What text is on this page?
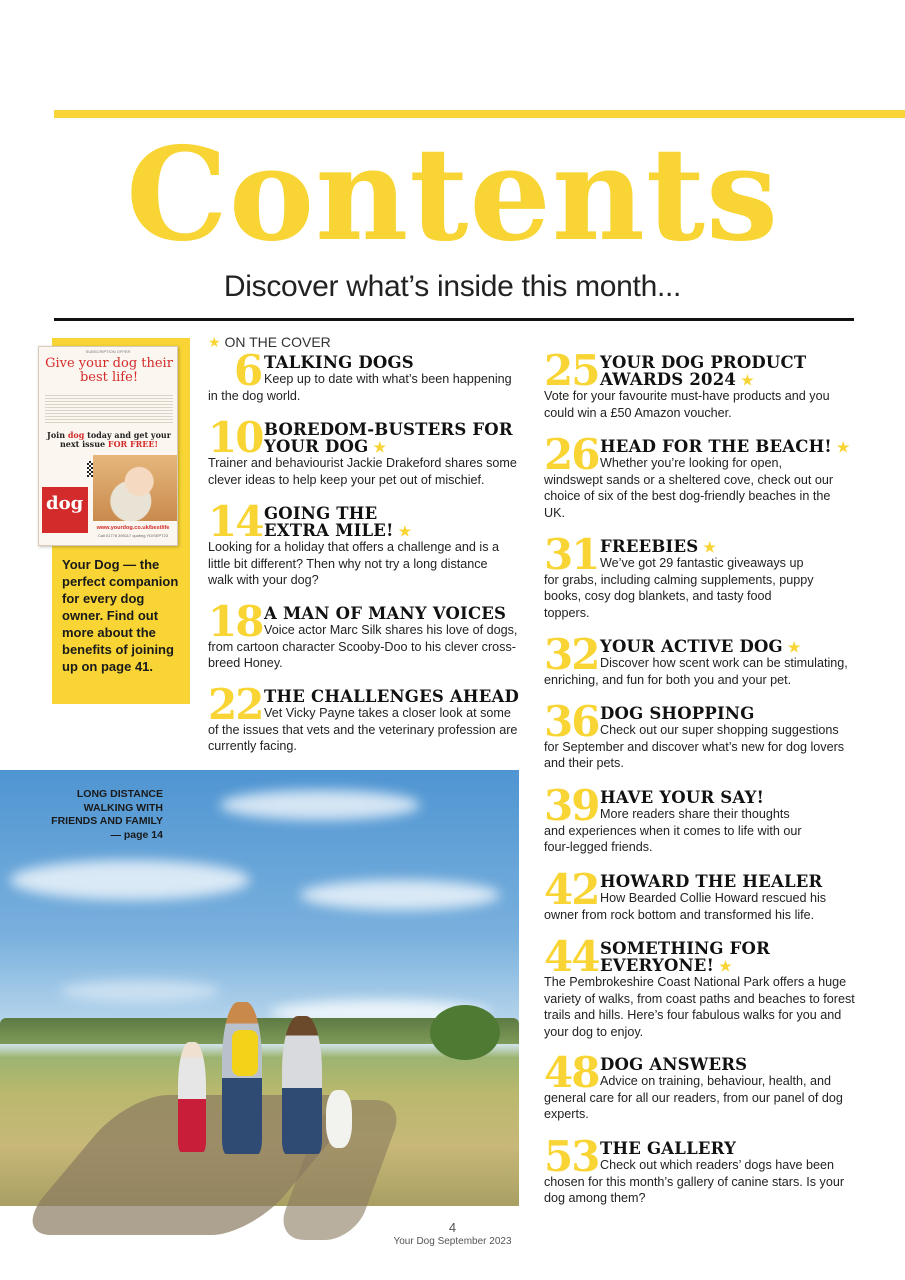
Contents
Discover what’s inside this month...
SUBSCRIPTION OFFER
Give your dog their best life!
Join dog today and get your next issue FOR FREE!
dog
www.yourdog.co.uk/bestlife
Call 01778 395117 quoting YD/SEPT23
Your Dog — the perfect companion for every dog owner. Find out more about the benefits of joining up on page 41.
★ ON THE COVER
LONG DISTANCE WALKING WITH FRIENDS AND FAMILY — page 14
4
Your Dog September 2023
6 TALKING DOGS
Keep up to date with what’s been happening in the dog world.
10 BOREDOM-BUSTERS FOR
YOUR DOG ★
Trainer and behaviourist Jackie Drakeford shares some clever ideas to help keep your pet out of mischief.
14 GOING THE
EXTRA MILE! ★
Looking for a holiday that offers a challenge and is a little bit different? Then why not try a long distance walk with your dog?
18 A MAN OF MANY VOICES
Voice actor Marc Silk shares his love of dogs, from cartoon character Scooby-Doo to his clever cross-breed Honey.
22 THE CHALLENGES AHEAD
Vet Vicky Payne takes a closer look at some of the issues that vets and the veterinary profession are currently facing.
25 YOUR DOG PRODUCT
AWARDS 2024 ★
Vote for your favourite must-have products and you could win a £50 Amazon voucher.
26 HEAD FOR THE BEACH! ★
Whether you’re looking for open, windswept sands or a sheltered cove, check out our choice of six of the best dog-friendly beaches in the UK.
31 FREEBIES ★
We’ve got 29 fantastic giveaways up for grabs, including calming supplements, puppy books, cosy dog blankets, and tasty food toppers.
32 YOUR ACTIVE DOG ★
Discover how scent work can be stimulating, enriching, and fun for both you and your pet.
36 DOG SHOPPING
Check out our super shopping suggestions for September and discover what’s new for dog lovers and their pets.
39 HAVE YOUR SAY!
More readers share their thoughts and experiences when it comes to life with our four-legged friends.
42 HOWARD THE HEALER
How Bearded Collie Howard rescued his owner from rock bottom and transformed his life.
44 SOMETHING FOR
EVERYONE! ★
The Pembrokeshire Coast National Park offers a huge variety of walks, from coast paths and beaches to forest trails and hills. Here’s four fabulous walks for you and your dog to enjoy.
48 DOG ANSWERS
Advice on training, behaviour, health, and general care for all our readers, from our panel of dog experts.
53 THE GALLERY
Check out which readers’ dogs have been chosen for this month’s gallery of canine stars. Is your dog among them?
